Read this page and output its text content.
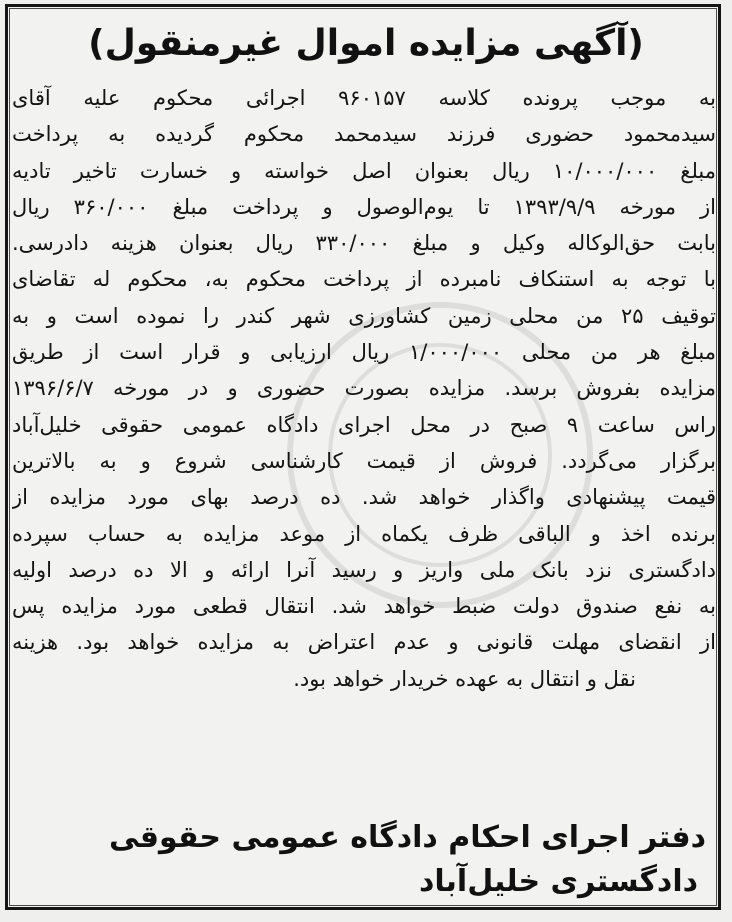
(آگهی مزایده اموال غیرمنقول)
به موجب پرونده کلاسه ۹۶۰۱۵۷ اجرائی محکوم علیه آقای
سیدمحمود حضوری فرزند سیدمحمد محکوم گردیده به پرداخت
مبلغ ۱۰/۰۰۰/۰۰۰ ریال بعنوان اصل خواسته و خسارت تاخیر تادیه
از مورخه ۱۳۹۳/۹/۹ تا یوم‌الوصول و پرداخت مبلغ ۳۶۰/۰۰۰ ریال
بابت حق‌الوکاله وکیل و مبلغ ۳۳۰/۰۰۰ ریال بعنوان هزینه دادرسی.
با توجه به استنکاف نامبرده از پرداخت محکوم به، محکوم له تقاضای
توقیف ۲۵ من محلی زمین کشاورزی شهر کندر را نموده است و به
مبلغ هر من محلی ۱/۰۰۰/۰۰۰ ریال ارزیابی و قرار است از طریق
مزایده بفروش برسد. مزایده بصورت حضوری و در مورخه ۱۳۹۶/۶/۷
راس ساعت ۹ صبح در محل اجرای دادگاه عمومی حقوقی خلیل‌آباد
برگزار می‌گردد. فروش از قیمت کارشناسی شروع و به بالاترین
قیمت پیشنهادی واگذار خواهد شد. ده درصد بهای مورد مزایده از
برنده اخذ و الباقی ظرف یکماه از موعد مزایده به حساب سپرده
دادگستری نزد بانک ملی واریز و رسید آنرا ارائه و الا ده درصد اولیه
به نفع صندوق دولت ضبط خواهد شد. انتقال قطعی مورد مزایده پس
از انقضای مهلت قانونی و عدم اعتراض به مزایده خواهد بود. هزینه
نقل و انتقال به عهده خریدار خواهد بود.
دفتر اجرای احکام دادگاه عمومی حقوقی
دادگستری خلیل‌آباد
